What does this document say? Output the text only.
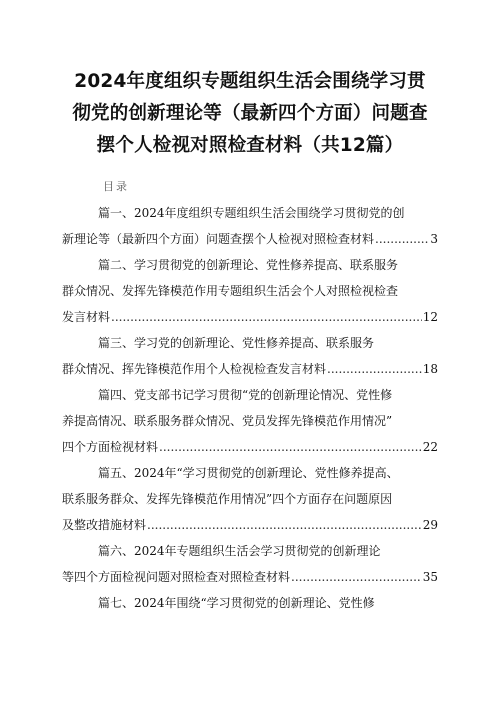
2024年度组织专题组织生活会围绕学习贯
彻党的创新理论等（最新四个方面）问题查
摆个人检视对照检查材料（共12篇）
目录
篇一、2024年度组织专题组织生活会围绕学习贯彻党的创
新理论等（最新四个方面）问题查摆个人检视对照检查材料 .....	3
篇二、学习贯彻党的创新理论、党性修养提高、联系服务
群众情况、发挥先锋模范作用专题组织生活会个人对照检视检查
发言材料 .....	12
篇三、学习党的创新理论、党性修养提高、联系服务
群众情况、挥先锋模范作用个人检视检查发言材料 .....	18
篇四、党支部书记学习贯彻“党的创新理论情况、党性修
养提高情况、联系服务群众情况、党员发挥先锋模范作用情况”
四个方面检视材料 .....	22
篇五、2024年“学习贯彻党的创新理论、党性修养提高、
联系服务群众、发挥先锋模范作用情况”四个方面存在问题原因
及整改措施材料 .....	29
篇六、2024年专题组织生活会学习贯彻党的创新理论
等四个方面检视问题对照检查对照检查材料 .....	35
篇七、2024年围绕“学习贯彻党的创新理论、党性修
